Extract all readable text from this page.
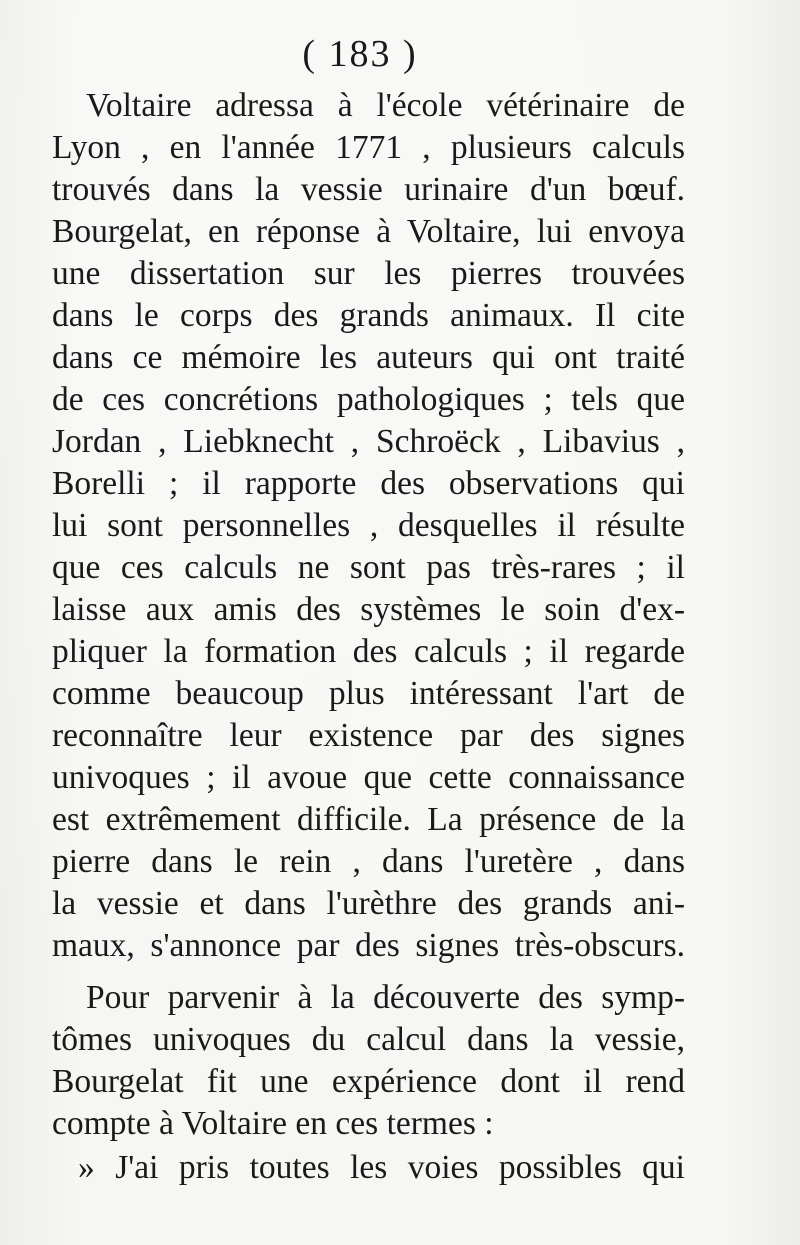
( 183 )
Voltaire adressa à l'école vétérinaire de
Lyon , en l'année 1771 , plusieurs calculs
trouvés dans la vessie urinaire d'un bœuf.
Bourgelat, en réponse à Voltaire, lui envoya
une dissertation sur les pierres trouvées
dans le corps des grands animaux. Il cite
dans ce mémoire les auteurs qui ont traité
de ces concrétions pathologiques ; tels que
Jordan , Liebknecht , Schroëck , Libavius ,
Borelli ; il rapporte des observations qui
lui sont personnelles , desquelles il résulte
que ces calculs ne sont pas très-rares ; il
laisse aux amis des systèmes le soin d'ex-
pliquer la formation des calculs ; il regarde
comme beaucoup plus intéressant l'art de
reconnaître leur existence par des signes
univoques ; il avoue que cette connaissance
est extrêmement difficile. La présence de la
pierre dans le rein , dans l'uretère , dans
la vessie et dans l'urèthre des grands ani-
maux, s'annonce par des signes très-obscurs.
Pour parvenir à la découverte des symp-
tômes univoques du calcul dans la vessie,
Bourgelat fit une expérience dont il rend
compte à Voltaire en ces termes :
» J'ai pris toutes les voies possibles qui
